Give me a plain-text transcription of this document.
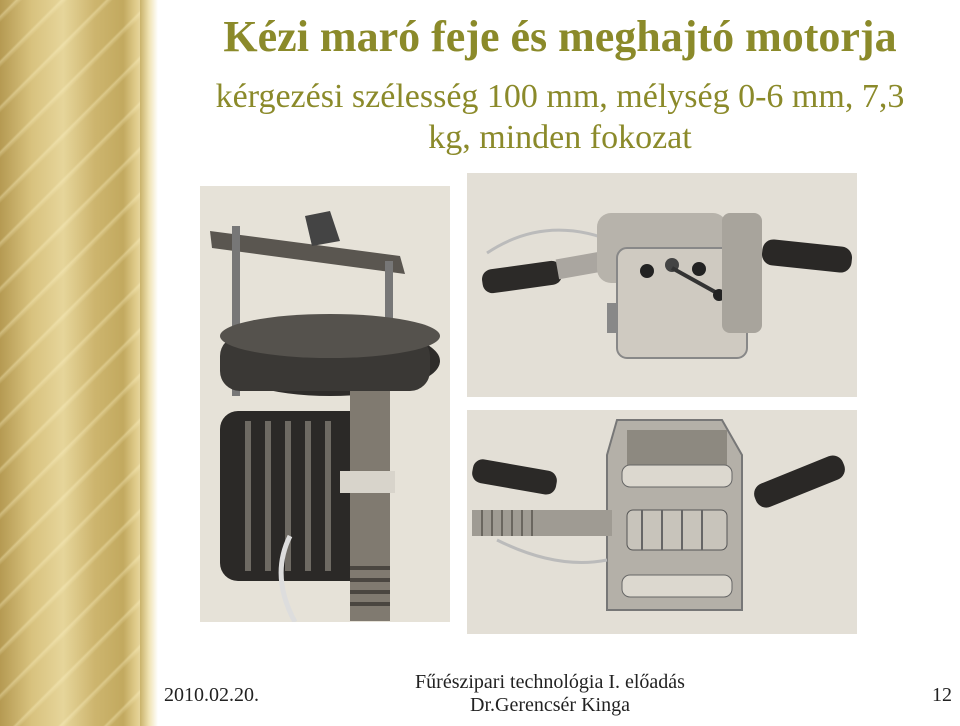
Kézi maró feje és meghajtó motorja
kérgezési szélesség 100 mm, mélység 0-6 mm, 7,3
kg, minden fokozat
2010.02.20.
Fűrészipari technológia I. előadás
Dr.Gerencsér Kinga	12
